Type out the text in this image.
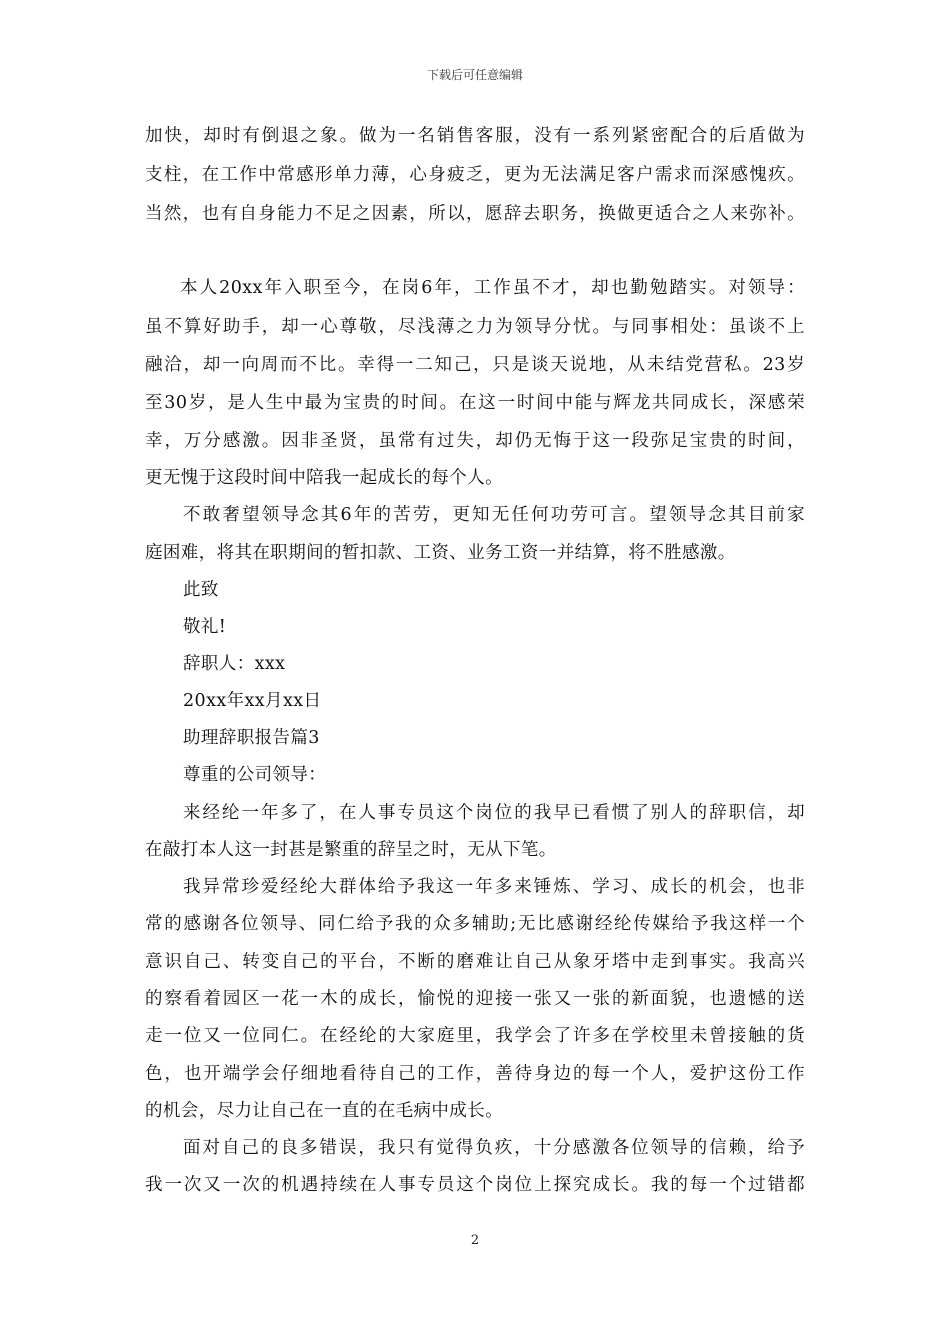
下载后可任意编辑
加快，却时有倒退之象。做为一名销售客服，没有一系列紧密配合的后盾做为
支柱，在工作中常感形单力薄，心身疲乏，更为无法满足客户需求而深感愧疚。
当然，也有自身能力不足之因素，所以，愿辞去职务，换做更适合之人来弥补。
本人20xx年入职至今，在岗6年，工作虽不才，却也勤勉踏实。对领导：
虽不算好助手，却一心尊敬，尽浅薄之力为领导分忧。与同事相处：虽谈不上
融洽，却一向周而不比。幸得一二知己，只是谈天说地，从未结党营私。23岁
至30岁，是人生中最为宝贵的时间。在这一时间中能与辉龙共同成长，深感荣
幸，万分感激。因非圣贤，虽常有过失，却仍无悔于这一段弥足宝贵的时间，
更无愧于这段时间中陪我一起成长的每个人。
不敢奢望领导念其6年的苦劳，更知无任何功劳可言。望领导念其目前家
庭困难，将其在职期间的暂扣款、工资、业务工资一并结算，将不胜感激。
此致
敬礼!
辞职人：xxx
20xx年xx月xx日
助理辞职报告篇3
尊重的公司领导：
来经纶一年多了，在人事专员这个岗位的我早已看惯了别人的辞职信，却
在敲打本人这一封甚是繁重的辞呈之时，无从下笔。
我异常珍爱经纶大群体给予我这一年多来锤炼、学习、成长的机会，也非
常的感谢各位领导、同仁给予我的众多辅助;无比感谢经纶传媒给予我这样一个
意识自己、转变自己的平台，不断的磨难让自己从象牙塔中走到事实。我高兴
的察看着园区一花一木的成长，愉悦的迎接一张又一张的新面貌，也遗憾的送
走一位又一位同仁。在经纶的大家庭里，我学会了许多在学校里未曾接触的货
色，也开端学会仔细地看待自己的工作，善待身边的每一个人，爱护这份工作
的机会，尽力让自己在一直的在毛病中成长。
面对自己的良多错误，我只有觉得负疚，十分感激各位领导的信赖，给予
我一次又一次的机遇持续在人事专员这个岗位上探究成长。我的每一个过错都
2
